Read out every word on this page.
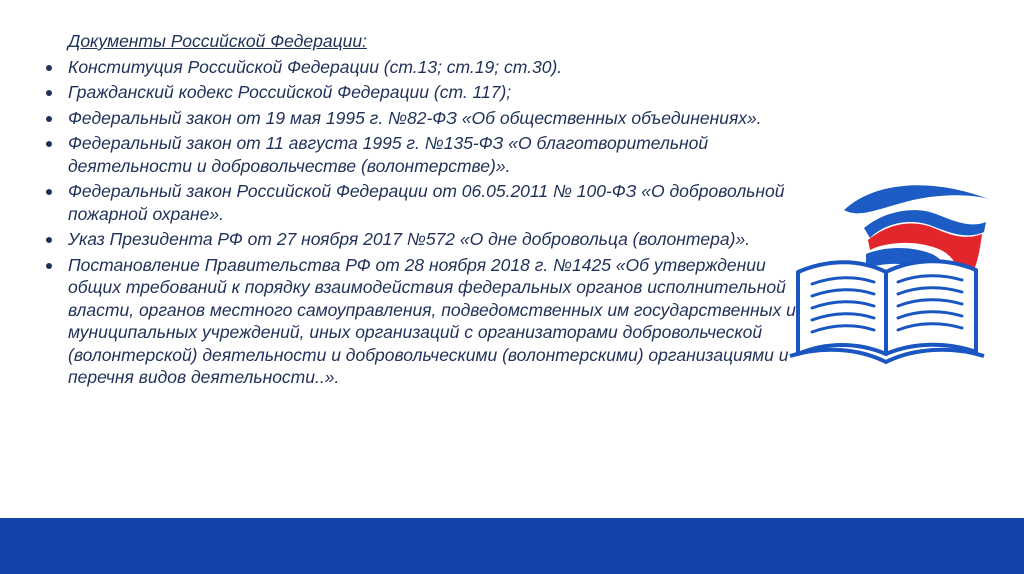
Документы Российской Федерации:
Конституция Российской Федерации (ст.13; ст.19; ст.30).
Гражданский кодекс Российской Федерации (ст. 117);
Федеральный закон от 19 мая 1995 г. №82-ФЗ «Об общественных объединениях».
Федеральный закон от 11 августа 1995 г. №135-ФЗ «О благотворительной деятельности и добровольчестве (волонтерстве)».
Федеральный закон Российской Федерации от 06.05.2011 № 100-ФЗ «О добровольной пожарной охране».
Указ Президента РФ от 27 ноября 2017 №572 «О дне добровольца (волонтера)».
Постановление Правительства РФ от 28 ноября 2018 г. №1425 «Об утверждении общих требований к порядку взаимодействия федеральных органов исполнительной власти, органов местного самоуправления, подведомственных им государственных и муниципальных учреждений, иных организаций с организаторами добровольческой (волонтерской) деятельности и добровольческими (волонтерскими) организациями и перечня видов деятельности..».
